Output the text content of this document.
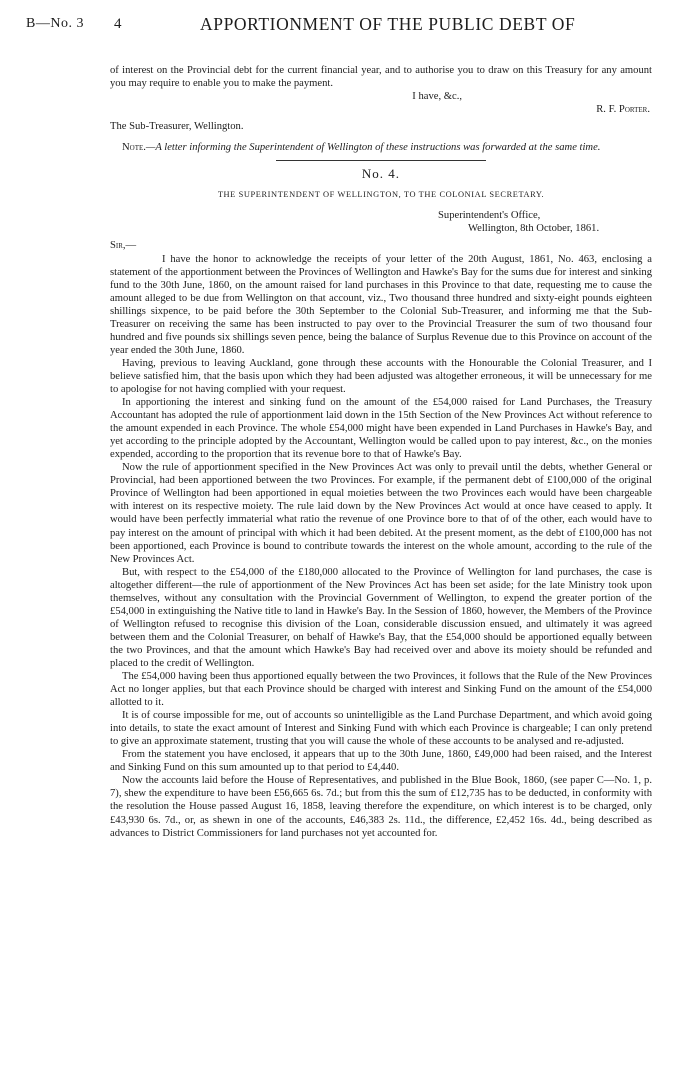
B—No. 3 4	APPORTIONMENT OF THE PUBLIC DEBT OF

of interest on the Provincial debt for the current financial year, and to authorise you to draw on this Treasury for any amount you may require to enable you to make the payment.

I have, &c.,

R. F. Porter.

The Sub-Treasurer, Wellington.

Note.—A letter informing the Superintendent of Wellington of these instructions was forwarded at the same time.

No. 4.
THE SUPERINTENDENT OF WELLINGTON, TO THE COLONIAL SECRETARY.

Superintendent's Office,

Wellington, 8th October, 1861.

Sir,—

I have the honor to acknowledge the receipts of your letter of the 20th August, 1861, No. 463, enclosing a statement of the apportionment between the Provinces of Wellington and Hawke's Bay for the sums due for interest and sinking fund to the 30th June, 1860, on the amount raised for land purchases in this Province to that date, requesting me to cause the amount alleged to be due from Wellington on that account, viz., Two thousand three hundred and sixty-eight pounds eighteen shillings sixpence, to be paid before the 30th September to the Colonial Sub-Treasurer, and informing me that the Sub-Treasurer on receiving the same has been instructed to pay over to the Provincial Treasurer the sum of two thousand four hundred and five pounds six shillings seven pence, being the balance of Surplus Revenue due to this Province on account of the year ended the 30th June, 1860.

Having, previous to leaving Auckland, gone through these accounts with the Honourable the Colonial Treasurer, and I believe satisfied him, that the basis upon which they had been adjusted was altogether erroneous, it will be unnecessary for me to apologise for not having complied with your request.

In apportioning the interest and sinking fund on the amount of the £54,000 raised for Land Purchases, the Treasury Accountant has adopted the rule of apportionment laid down in the 15th Section of the New Provinces Act without reference to the amount expended in each Province. The whole £54,000 might have been expended in Land Purchases in Hawke's Bay, and yet according to the principle adopted by the Accountant, Wellington would be called upon to pay interest, &c., on the monies expended, according to the proportion that its revenue bore to that of Hawke's Bay.

Now the rule of apportionment specified in the New Provinces Act was only to prevail until the debts, whether General or Provincial, had been apportioned between the two Provinces. For example, if the permanent debt of £100,000 of the original Province of Wellington had been apportioned in equal moieties between the two Provinces each would have been chargeable with interest on its respective moiety. The rule laid down by the New Provinces Act would at once have ceased to apply. It would have been perfectly immaterial what ratio the revenue of one Province bore to that of of the other, each would have to pay interest on the amount of principal with which it had been debited. At the present moment, as the debt of £100,000 has not been apportioned, each Province is bound to contribute towards the interest on the whole amount, according to the rule of the New Provinces Act.

But, with respect to the £54,000 of the £180,000 allocated to the Province of Wellington for land purchases, the case is altogether different—the rule of apportionment of the New Provinces Act has been set aside; for the late Ministry took upon themselves, without any consultation with the Provincial Government of Wellington, to expend the greater portion of the £54,000 in extinguishing the Native title to land in Hawke's Bay. In the Session of 1860, however, the Members of the Province of Wellington refused to recognise this division of the Loan, considerable discussion ensued, and ultimately it was agreed between them and the Colonial Treasurer, on behalf of Hawke's Bay, that the £54,000 should be apportioned equally between the two Provinces, and that the amount which Hawke's Bay had received over and above its moiety should be refunded and placed to the credit of Wellington.

The £54,000 having been thus apportioned equally between the two Provinces, it follows that the Rule of the New Provinces Act no longer applies, but that each Province should be charged with interest and Sinking Fund on the amount of the £54,000 allotted to it.

It is of course impossible for me, out of accounts so unintelligible as the Land Purchase Department, and which avoid going into details, to state the exact amount of Interest and Sinking Fund with which each Province is chargeable; I can only pretend to give an approximate statement, trusting that you will cause the whole of these accounts to be analysed and re-adjusted.

From the statement you have enclosed, it appears that up to the 30th June, 1860, £49,000 had been raised, and the Interest and Sinking Fund on this sum amounted up to that period to £4,440.

Now the accounts laid before the House of Representatives, and published in the Blue Book, 1860, (see paper C—No. 1, p. 7), shew the expenditure to have been £56,665 6s. 7d.; but from this the sum of £12,735 has to be deducted, in conformity with the resolution the House passed August 16, 1858, leaving therefore the expenditure, on which interest is to be charged, only £43,930 6s. 7d., or, as shewn in one of the accounts, £46,383 2s. 11d., the difference, £2,452 16s. 4d., being described as advances to District Commissioners for land purchases not yet accounted for.
